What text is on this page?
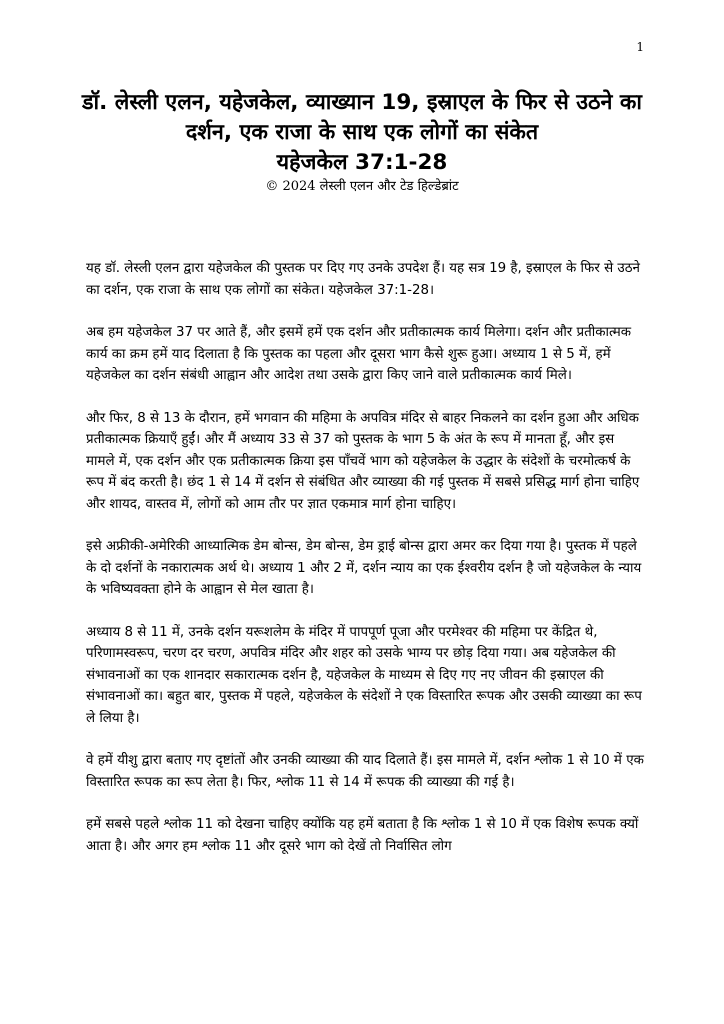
1
डॉ. लेस्ली एलन, यहेजकेल, व्याख्यान 19, इस्राएल के फिर से उठने का दर्शन, एक राजा के साथ एक लोगों का संकेत
यहेजकेल 37:1-28

© 2024 लेस्ली एलन और टेड हिल्डेब्रांट

यह डॉ. लेस्ली एलन द्वारा यहेजकेल की पुस्तक पर दिए गए उनके उपदेश हैं। यह सत्र 19 है, इस्राएल के फिर से उठने का दर्शन, एक राजा के साथ एक लोगों का संकेत। यहेजकेल 37:1-28।

अब हम यहेजकेल 37 पर आते हैं, और इसमें हमें एक दर्शन और प्रतीकात्मक कार्य मिलेगा। दर्शन और प्रतीकात्मक कार्य का क्रम हमें याद दिलाता है कि पुस्तक का पहला और दूसरा भाग कैसे शुरू हुआ। अध्याय 1 से 5 में, हमें यहेजकेल का दर्शन संबंधी आह्वान और आदेश तथा उसके द्वारा किए जाने वाले प्रतीकात्मक कार्य मिले।

और फिर, 8 से 13 के दौरान, हमें भगवान की महिमा के अपवित्र मंदिर से बाहर निकलने का दर्शन हुआ और अधिक प्रतीकात्मक क्रियाएँ हुईं। और मैं अध्याय 33 से 37 को पुस्तक के भाग 5 के अंत के रूप में मानता हूँ, और इस मामले में, एक दर्शन और एक प्रतीकात्मक क्रिया इस पाँचवें भाग को यहेजकेल के उद्धार के संदेशों के चरमोत्कर्ष के रूप में बंद करती है। छंद 1 से 14 में दर्शन से संबंधित और व्याख्या की गई पुस्तक में सबसे प्रसिद्ध मार्ग होना चाहिए और शायद, वास्तव में, लोगों को आम तौर पर ज्ञात एकमात्र मार्ग होना चाहिए।

इसे अफ्रीकी-अमेरिकी आध्यात्मिक डेम बोन्स, डेम बोन्स, डेम ड्राई बोन्स द्वारा अमर कर दिया गया है। पुस्तक में पहले के दो दर्शनों के नकारात्मक अर्थ थे। अध्याय 1 और 2 में, दर्शन न्याय का एक ईश्वरीय दर्शन है जो यहेजकेल के न्याय के भविष्यवक्ता होने के आह्वान से मेल खाता है।

अध्याय 8 से 11 में, उनके दर्शन यरूशलेम के मंदिर में पापपूर्ण पूजा और परमेश्वर की महिमा पर केंद्रित थे, परिणामस्वरूप, चरण दर चरण, अपवित्र मंदिर और शहर को उसके भाग्य पर छोड़ दिया गया। अब यहेजकेल की संभावनाओं का एक शानदार सकारात्मक दर्शन है, यहेजकेल के माध्यम से दिए गए नए जीवन की इस्राएल की संभावनाओं का। बहुत बार, पुस्तक में पहले, यहेजकेल के संदेशों ने एक विस्तारित रूपक और उसकी व्याख्या का रूप ले लिया है।

वे हमें यीशु द्वारा बताए गए दृष्टांतों और उनकी व्याख्या की याद दिलाते हैं। इस मामले में, दर्शन श्लोक 1 से 10 में एक विस्तारित रूपक का रूप लेता है। फिर, श्लोक 11 से 14 में रूपक की व्याख्या की गई है।

हमें सबसे पहले श्लोक 11 को देखना चाहिए क्योंकि यह हमें बताता है कि श्लोक 1 से 10 में एक विशेष रूपक क्यों आता है। और अगर हम श्लोक 11 और दूसरे भाग को देखें तो निर्वासित लोग
